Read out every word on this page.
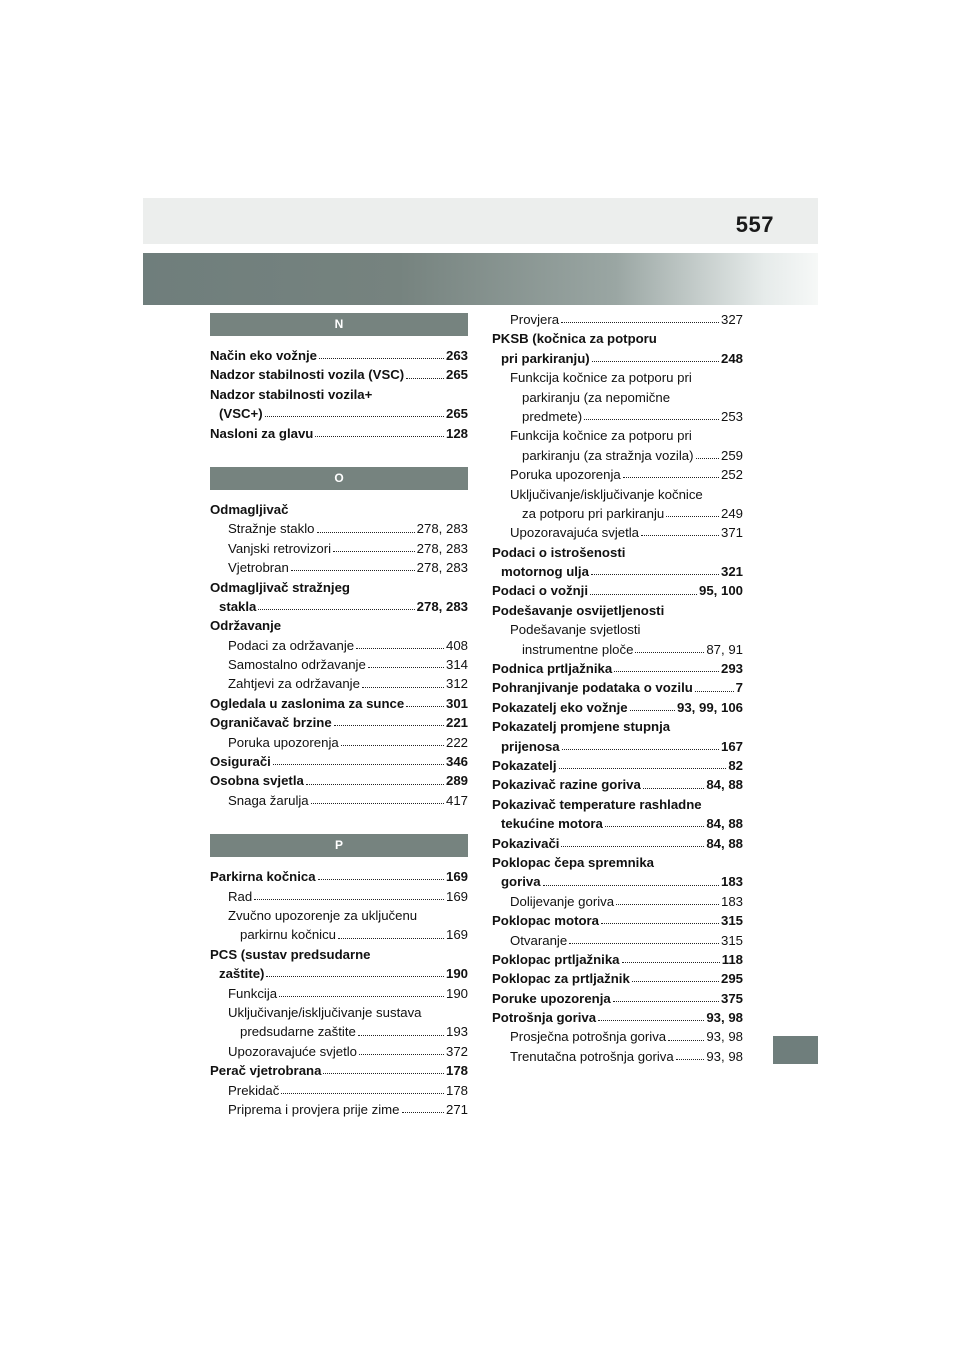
557
N
Način eko vožnje	263
Nadzor stabilnosti vozila (VSC)	265
Nadzor stabilnosti vozila+
(VSC+)	265
Nasloni za glavu	128
O
Odmagljivač
Stražnje staklo	278, 283
Vanjski retrovizori	278, 283
Vjetrobran	278, 283
Odmagljivač stražnjeg
stakla	278, 283
Održavanje
Podaci za održavanje	408
Samostalno održavanje	314
Zahtjevi za održavanje	312
Ogledala u zaslonima za sunce	301
Ograničavač brzine	221
Poruka upozorenja	222
Osigurači	346
Osobna svjetla	289
Snaga žarulja	417
P
Parkirna kočnica	169
Rad	169
Zvučno upozorenje za uključenu
parkirnu kočnicu	169
PCS (sustav predsudarne
zaštite)	190
Funkcija	190
Uključivanje/isključivanje sustava
predsudarne zaštite	193
Upozoravajuće svjetlo	372
Perač vjetrobrana	178
Prekidač	178
Priprema i provjera prije zime	271
Provjera	327
PKSB (kočnica za potporu
pri parkiranju)	248
Funkcija kočnice za potporu pri
parkiranju (za nepomične
predmete)	253
Funkcija kočnice za potporu pri
parkiranju (za stražnja vozila) 259
Poruka upozorenja	252
Uključivanje/isključivanje kočnice
za potporu pri parkiranju	249
Upozoravajuća svjetla	371
Podaci o istrošenosti
motornog ulja	321
Podaci o vožnji	95, 100
Podešavanje osvijetljenosti
Podešavanje svjetlosti
instrumentne ploče	87, 91
Podnica prtljažnika	293
Pohranjivanje podataka o vozilu	7
Pokazatelj eko vožnje	93, 99, 106
Pokazatelj promjene stupnja
prijenosa	167
Pokazatelj	82
Pokazivač razine goriva	84, 88
Pokazivač temperature rashladne
tekućine motora	84, 88
Pokazivači	84, 88
Poklopac čepa spremnika
goriva	183
Dolijevanje goriva	183
Poklopac motora	315
Otvaranje	315
Poklopac prtljažnika	118
Poklopac za prtljažnik	295
Poruke upozorenja	375
Potrošnja goriva	93, 98
Prosječna potrošnja goriva	93, 98
Trenutačna potrošnja goriva 93, 98
